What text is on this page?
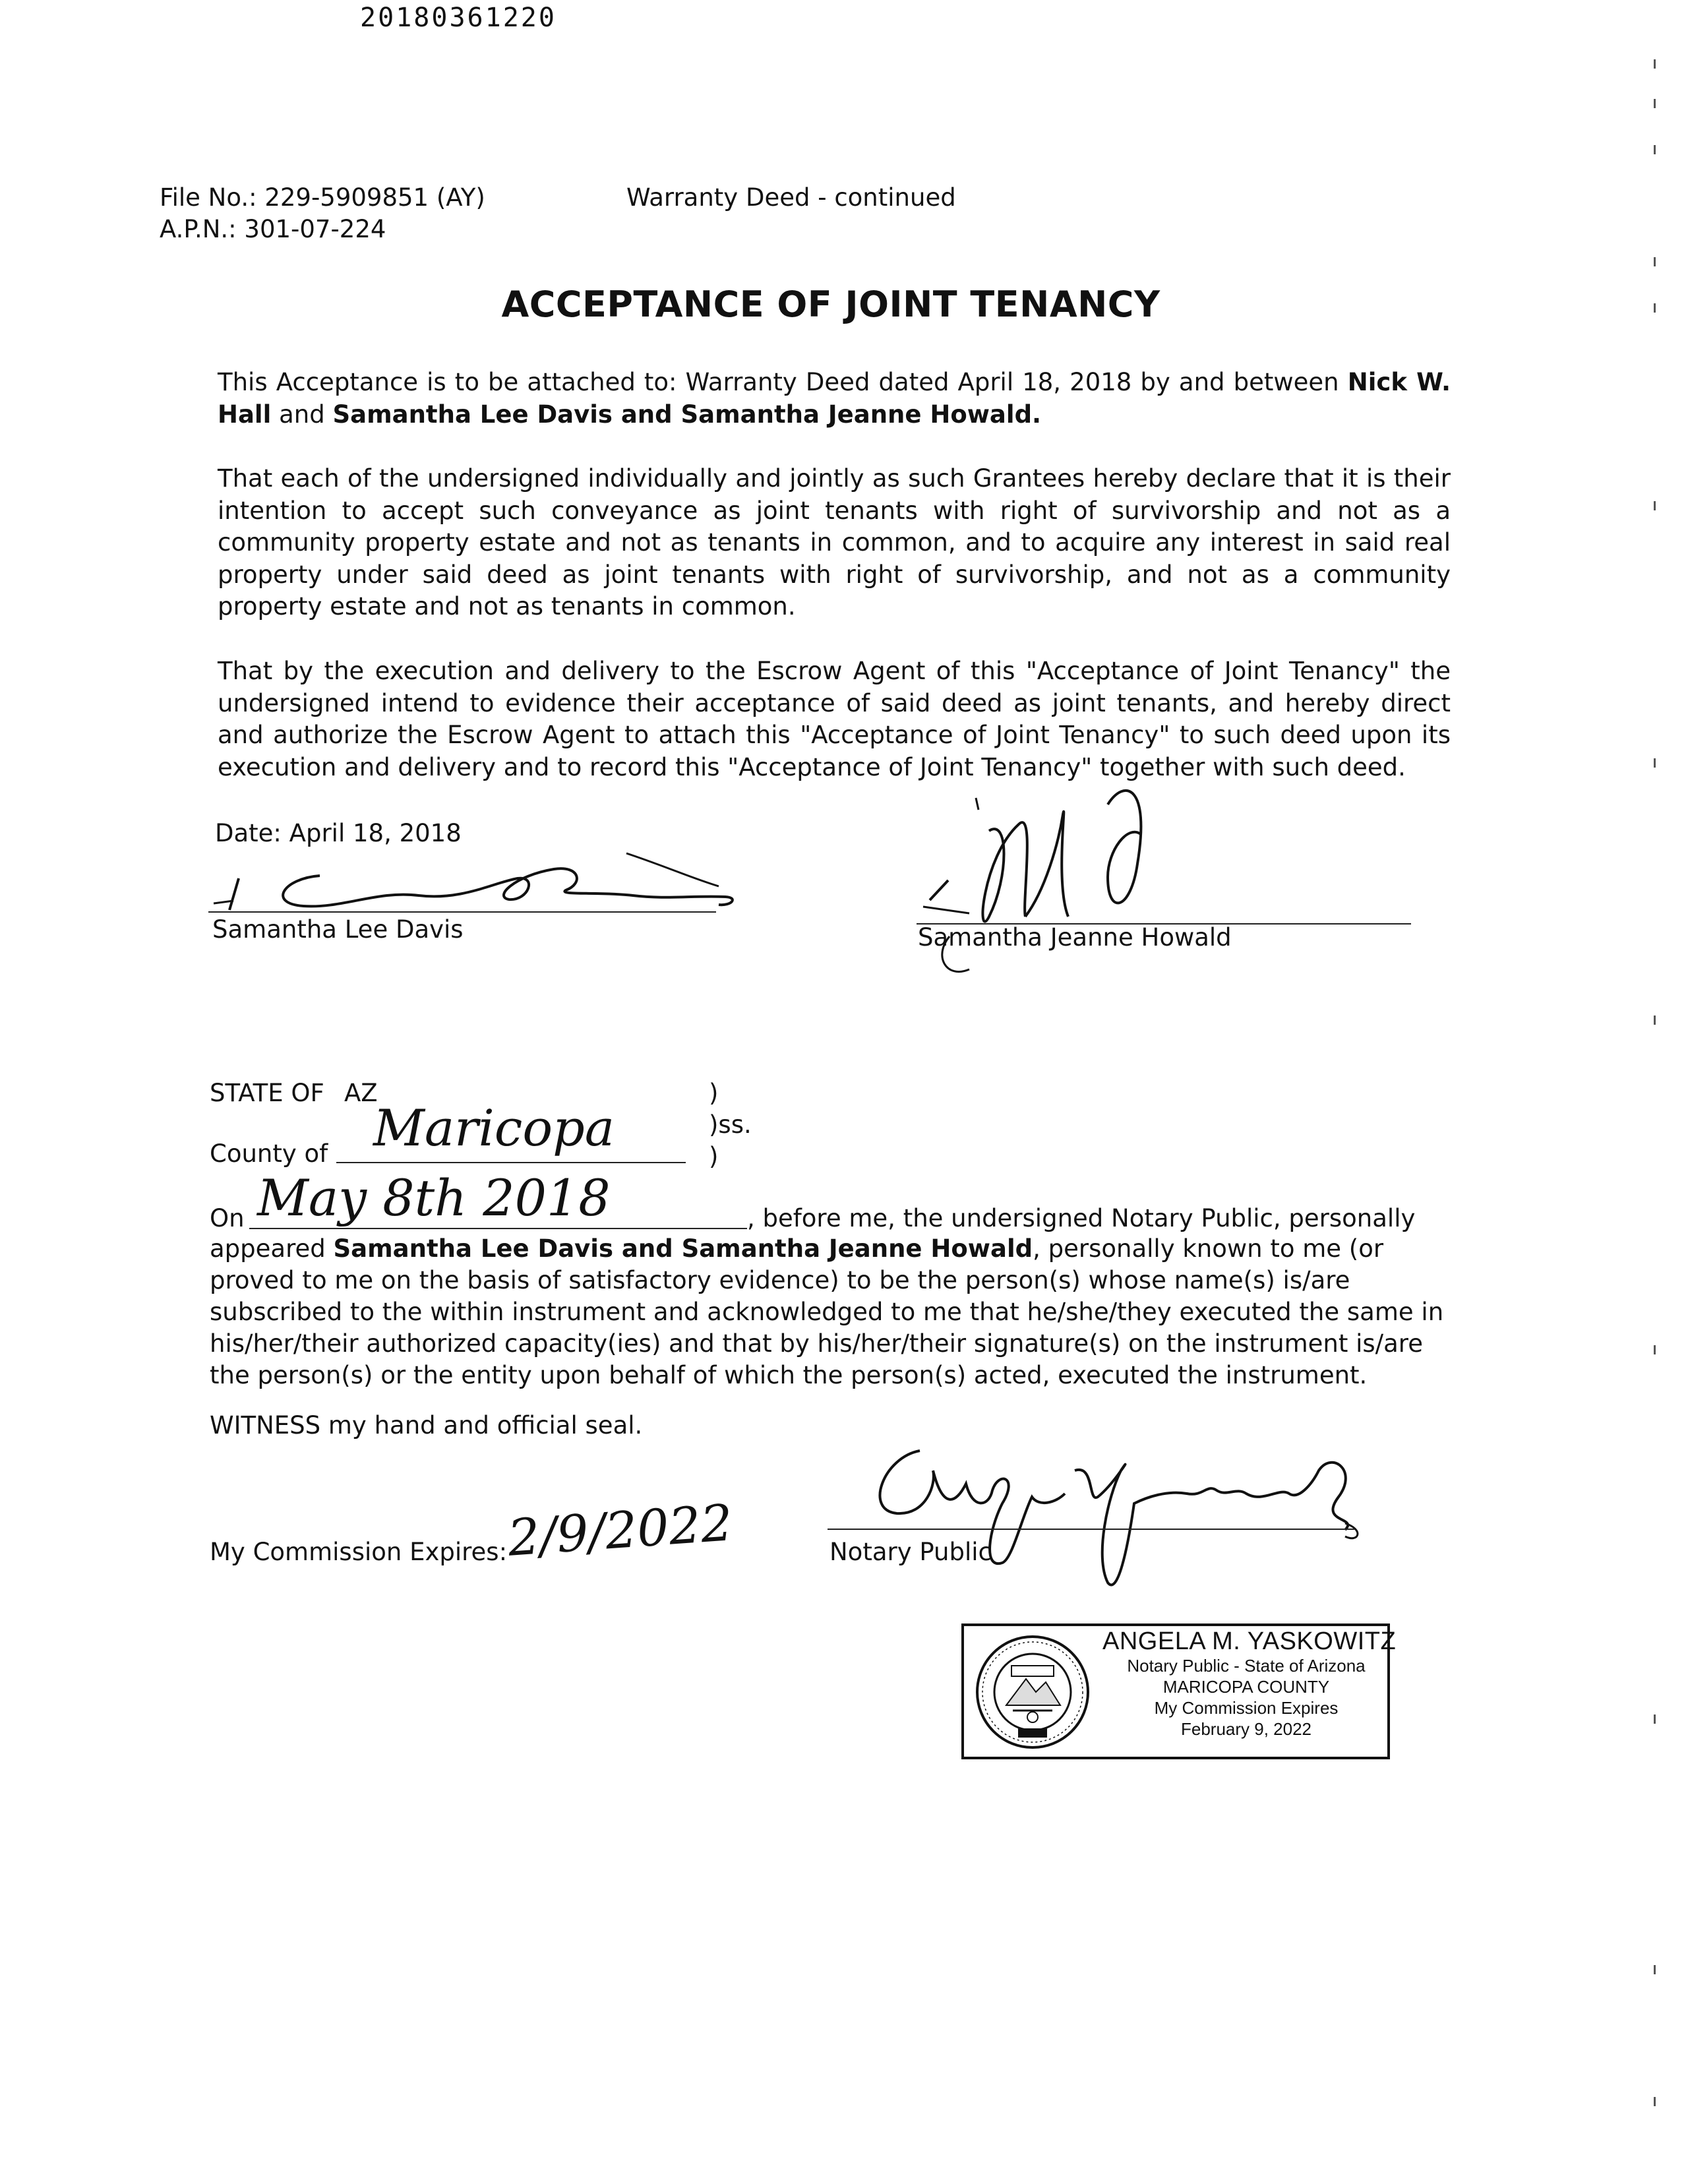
20180361220
File No.: 229-5909851 (AY)
A.P.N.: 301-07-224
Warranty Deed - continued
ACCEPTANCE OF JOINT TENANCY
This Acceptance is to be attached to: Warranty Deed dated April 18, 2018 by and between Nick W. Hall and Samantha Lee Davis and Samantha Jeanne Howald.
That each of the undersigned individually and jointly as such Grantees hereby declare that it is their intention to accept such conveyance as joint tenants with right of survivorship and not as a community property estate and not as tenants in common, and to acquire any interest in said real property under said deed as joint tenants with right of survivorship, and not as a community property estate and not as tenants in common.
That by the execution and delivery to the Escrow Agent of this "Acceptance of Joint Tenancy" the undersigned intend to evidence their acceptance of said deed as joint tenants, and hereby direct and authorize the Escrow Agent to attach this "Acceptance of Joint Tenancy" to such deed upon its execution and delivery and to record this "Acceptance of Joint Tenancy" together with such deed.
Date: April 18, 2018
Samantha Lee Davis	Samantha Jeanne Howald
STATE OF AZ	)
)ss.
)
County of Maricopa
On May 8th 2018	, before me, the undersigned Notary Public, personally
appeared Samantha Lee Davis and Samantha Jeanne Howald, personally known to me (or proved to me on the basis of satisfactory evidence) to be the person(s) whose name(s) is/are subscribed to the within instrument and acknowledged to me that he/she/they executed the same in his/her/their authorized capacity(ies) and that by his/her/their signature(s) on the instrument is/are the person(s) or the entity upon behalf of which the person(s) acted, executed the instrument.
WITNESS my hand and official seal.
My Commission Expires:
2/9/2022	Notary Public
ANGELA M. YASKOWITZ
Notary Public - State of Arizona
MARICOPA COUNTY
My Commission Expires
February 9, 2022
